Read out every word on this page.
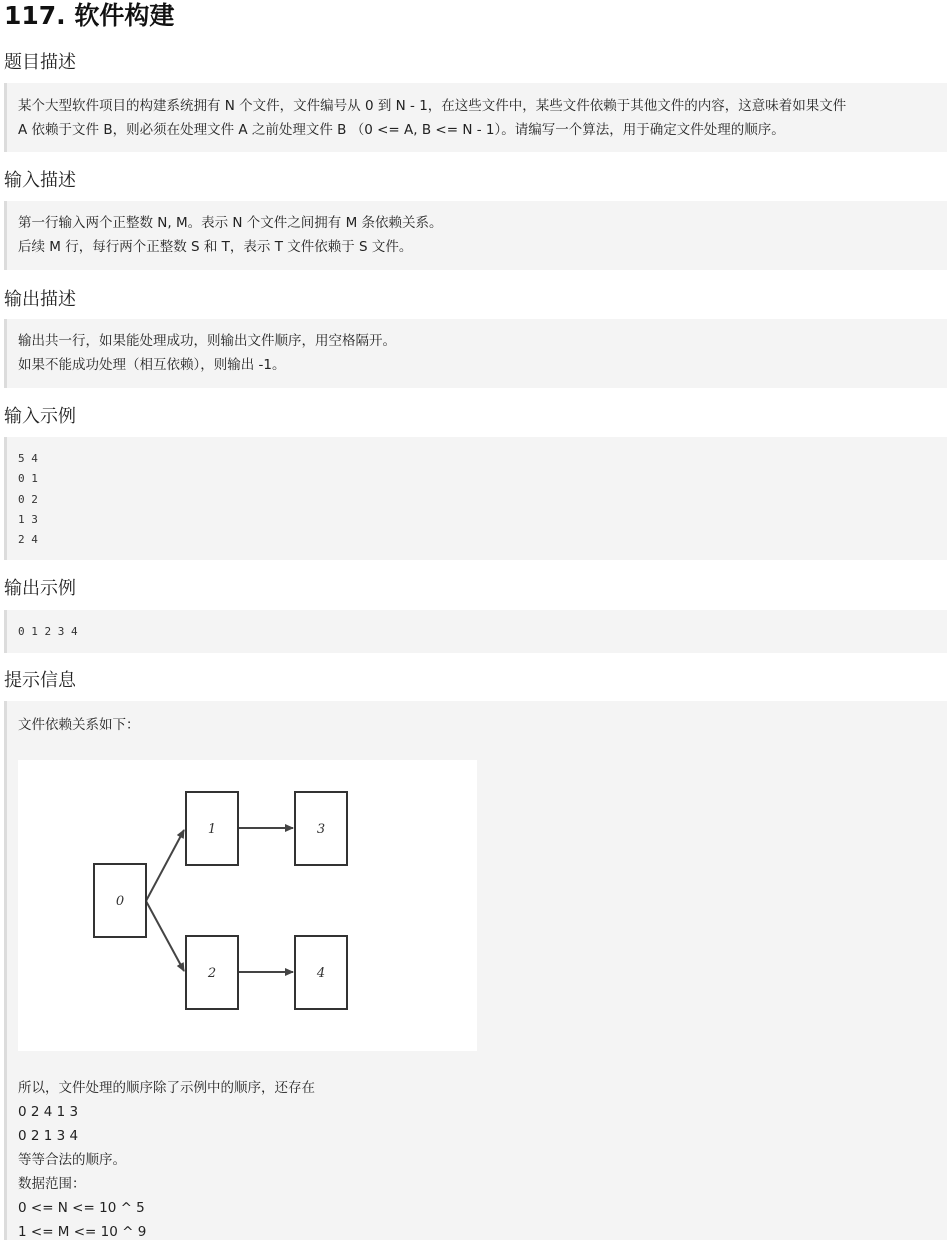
117. 软件构建
题目描述
某个大型软件项目的构建系统拥有 N 个文件，文件编号从 0 到 N - 1，在这些文件中，某些文件依赖于其他文件的内容，这意味着如果文件
A 依赖于文件 B，则必须在处理文件 A 之前处理文件 B （0 <= A, B <= N - 1）。请编写一个算法，用于确定文件处理的顺序。
输入描述
第一行输入两个正整数 N, M。表示 N 个文件之间拥有 M 条依赖关系。
后续 M 行，每行两个正整数 S 和 T，表示 T 文件依赖于 S 文件。
输出描述
输出共一行，如果能处理成功，则输出文件顺序，用空格隔开。
如果不能成功处理（相互依赖），则输出 -1。
输入示例
5 4
0 1
0 2
1 3
2 4
输出示例
0 1 2 3 4
提示信息
文件依赖关系如下：
0
1
2
3
4
所以，文件处理的顺序除了示例中的顺序，还存在
0 2 4 1 3
0 2 1 3 4
等等合法的顺序。
数据范围：
0 <= N <= 10 ^ 5
1 <= M <= 10 ^ 9
